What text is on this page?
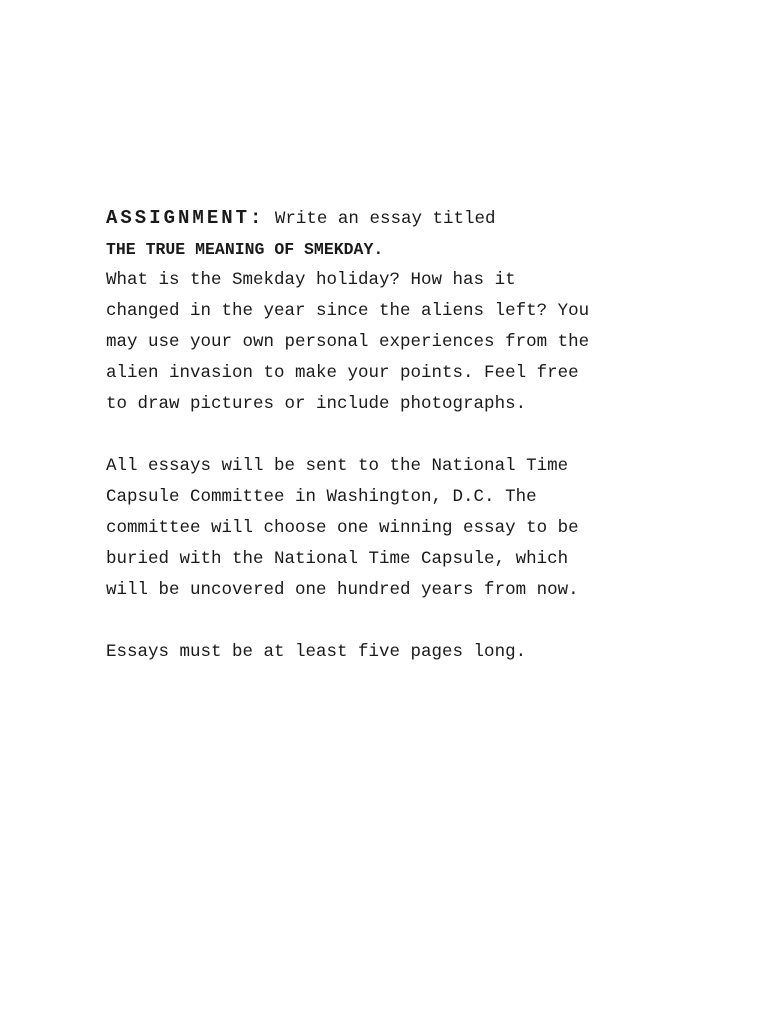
ASSIGNMENT: Write an essay titled
THE TRUE MEANING OF SMEKDAY.
What is the Smekday holiday? How has it
changed in the year since the aliens left? You
may use your own personal experiences from the
alien invasion to make your points. Feel free
to draw pictures or include photographs.
All essays will be sent to the National Time
Capsule Committee in Washington, D.C. The
committee will choose one winning essay to be
buried with the National Time Capsule, which
will be uncovered one hundred years from now.
Essays must be at least five pages long.
